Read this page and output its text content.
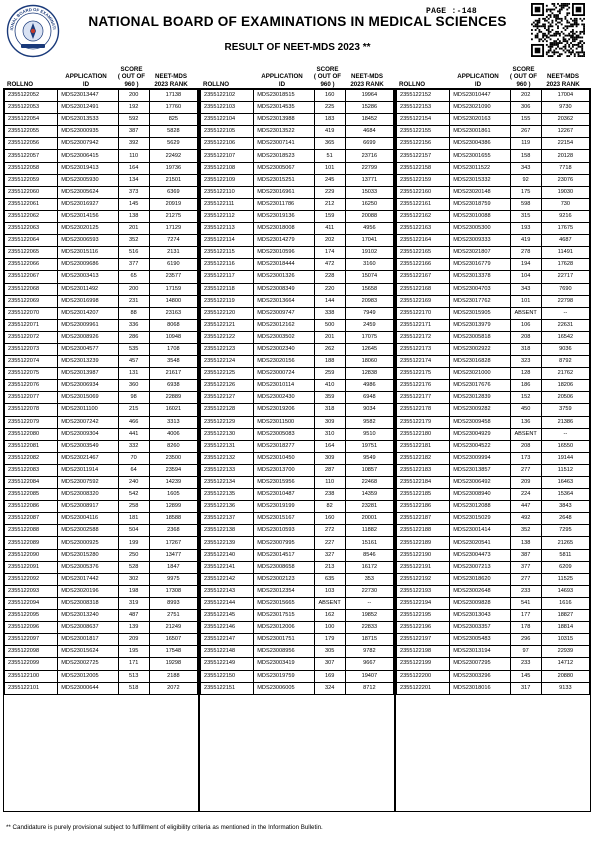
IONAL BOARD OF EXAMINATI
PAGE :-148
NATIONAL BOARD OF EXAMINATIONS IN MEDICAL SCIENCES
RESULT OF NEET-MDS 2023 **
ROLLNO
APPLICATION
ID
SCORE
( OUT OF 960 )
NEET-MDS
2023 RANK	ROLLNO
APPLICATION
ID
SCORE
( OUT OF 960 )
NEET-MDS
2023 RANK	ROLLNO
APPLICATION
ID
SCORE
( OUT OF 960 )
NEET-MDS
2023 RANK
2355122052	MDS23013447	200	17138
2355122053	MDS23012491	192	17760
2355122054	MDS23013533	592	825
2355122055	MDS23000935	387	5828
2355122056	MDS23007942	392	5629
2355122057	MDS23006415	110	22492
2355122058	MDS23019413	164	19736
2355122059	MDS23005930	134	21501
2355122060	MDS23005624	373	6369
2355122061	MDS23016927	145	20919
2355122062	MDS23014156	138	21275
2355122063	MDS23020125	201	17129
2355122064	MDS23006593	352	7274
2355122065	MDS23015116	516	2131
2355122066	MDS23009686	377	6190
2355122067	MDS23003413	65	23577
2355122068	MDS23011492	200	17159
2355122069	MDS23016998	231	14800
2355122070	MDS23014207	88	23163
2355122071	MDS23009961	336	8068
2355122072	MDS23008926	286	10948
2355122073	MDS23004577	535	1708
2355122074	MDS23013239	457	3548
2355122075	MDS23013987	131	21617
2355122076	MDS23006934	360	6938
2355122077	MDS23015069	98	22889
2355122078	MDS23011100	215	16021
2355122079	MDS23007242	466	3313
2355122080	MDS23009304	441	4006
2355122081	MDS23003549	332	8260
2355122082	MDS23021467	70	23500
2355122083	MDS23011914	64	23594
2355122084	MDS23007592	240	14239
2355122085	MDS23008320	542	1605
2355122086	MDS23008917	258	12899
2355122087	MDS23004116	181	18588
2355122088	MDS23002588	504	2368
2355122089	MDS23000925	199	17267
2355122090	MDS23015280	250	13477
2355122091	MDS23005376	528	1847
2355122092	MDS23017442	302	9975
2355122093	MDS23020196	198	17308
2355122094	MDS23008318	319	8993
2355122095	MDS23013240	487	2751
2355122096	MDS23008637	139	21249
2355122097	MDS23001817	209	16507
2355122098	MDS23015624	195	17548
2355122099	MDS23002725	171	19298
2355122100	MDS23012005	513	2188
2355122101	MDS23000644	518	2072
2355122102	MDS23018515	160	19964
2355122103	MDS23014535	225	15286
2355122104	MDS23013988	183	18452
2355122105	MDS23013522	419	4684
2355122106	MDS23007141	365	6699
2355122107	MDS23018523	51	23716
2355122108	MDS23005067	101	22799
2355122109	MDS23015251	245	13771
2355122110	MDS23016961	229	15033
2355122111	MDS23011786	212	16250
2355122112	MDS23019136	159	20088
2355122113	MDS23018008	411	4956
2355122114	MDS23014279	202	17041
2355122115	MDS23010596	174	19102
2355122116	MDS23018444	472	3160
2355122117	MDS23001326	228	15074
2355122118	MDS23008349	220	15658
2355122119	MDS23013664	144	20983
2355122120	MDS23009747	338	7949
2355122121	MDS23012162	500	2459
2355122122	MDS23003502	201	17075
2355122123	MDS23002340	262	12645
2355122124	MDS23020156	188	18060
2355122125	MDS23000724	259	12838
2355122126	MDS23010114	410	4986
2355122127	MDS23002430	359	6948
2355122128	MDS23019206	318	9034
2355122129	MDS23011500	309	9582
2355122130	MDS23005083	310	9510
2355122131	MDS23018277	164	19751
2355122132	MDS23010450	309	9549
2355122133	MDS23013700	287	10857
2355122134	MDS23015956	110	22468
2355122135	MDS23010487	238	14359
2355122136	MDS23019199	82	23281
2355122137	MDS23015167	160	20001
2355122138	MDS23010593	272	11882
2355122139	MDS23007995	227	15161
2355122140	MDS23014517	327	8546
2355122141	MDS23008658	213	16172
2355122142	MDS23002123	635	353
2355122143	MDS23012354	103	22730
2355122144	MDS23015665	ABSENT	--
2355122145	MDS23017515	162	19852
2355122146	MDS23012006	100	22833
2355122147	MDS23001751	179	18715
2355122148	MDS23008956	305	9782
2355122149	MDS23003419	307	9667
2355122150	MDS23019759	169	19407
2355122151	MDS23006005	324	8712
2355122152	MDS23010447	202	17004
2355122153	MDS23021090	306	9730
2355122154	MDS23020163	155	20362
2355122155	MDS23001861	267	12267
2355122156	MDS23004386	119	22154
2355122157	MDS23001655	158	20128
2355122158	MDS23011522	343	7718
2355122159	MDS23015332	92	23076
2355122160	MDS23020148	175	19030
2355122161	MDS23018759	598	730
2355122162	MDS23010088	315	9216
2355122163	MDS23005300	193	17675
2355122164	MDS23009333	419	4687
2355122165	MDS23021807	278	11491
2355122166	MDS23016779	194	17628
2355122167	MDS23013378	104	22717
2355122168	MDS23004703	343	7690
2355122169	MDS23017762	101	22798
2355122170	MDS23015905	ABSENT	--
2355122171	MDS23013979	106	22631
2355122172	MDS23005818	208	16542
2355122173	MDS23002922	318	9036
2355122174	MDS23016828	323	8792
2355122175	MDS23021000	128	21762
2355122176	MDS23017676	186	18206
2355122177	MDS23012839	152	20506
2355122178	MDS23009282	450	3759
2355122179	MDS23009458	136	21386
2355122180	MDS23004929	ABSENT	--
2355122181	MDS23004522	208	16550
2355122182	MDS23009994	173	19144
2355122183	MDS23013857	277	11512
2355122184	MDS23006492	209	16463
2355122185	MDS23008940	224	15364
2355122186	MDS23012088	447	3843
2355122187	MDS23015029	492	2648
2355122188	MDS23001414	352	7295
2355122189	MDS23020541	138	21265
2355122190	MDS23004473	387	5811
2355122191	MDS23007213	377	6209
2355122192	MDS23018620	277	11525
2355122193	MDS23002648	233	14693
2355122194	MDS23009828	541	1616
2355122195	MDS23013043	177	18827
2355122196	MDS23003357	178	18814
2355122197	MDS23005483	296	10315
2355122198	MDS23013194	97	22939
2355122199	MDS23007295	233	14712
2355122200	MDS23003296	145	20880
2355122201	MDS23018016	317	9133
** Candidature is purely provisional subject to fulfillment of eligibility criteria as mentioned in the Information Bulletin.
